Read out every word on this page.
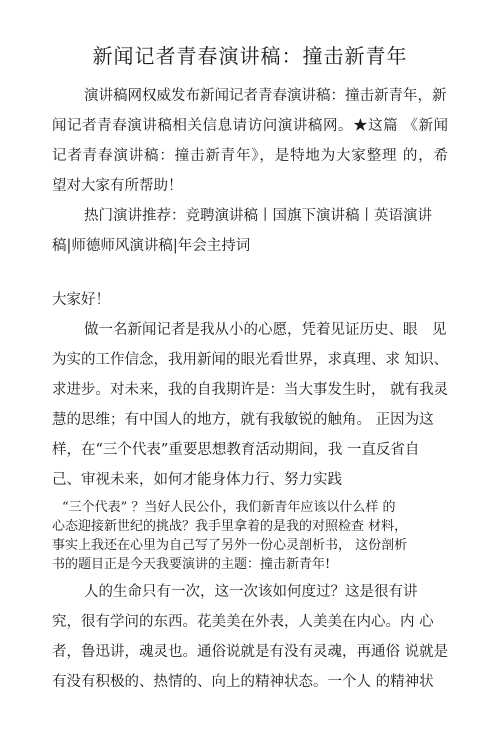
新闻记者青春演讲稿：撞击新青年
演讲稿网权威发布新闻记者青春演讲稿：撞击新青年，新
闻记者青春演讲稿相关信息请访问演讲稿网。★这篇 《新闻
记者青春演讲稿：撞击新青年》，是特地为大家整理 的，希
望对大家有所帮助！
热门演讲推荐：竞聘演讲稿丨国旗下演讲稿丨英语演讲
稿|师德师风演讲稿|年会主持词
大家好！
做一名新闻记者是我从小的心愿，凭着见证历史、眼　见
为实的工作信念，我用新闻的眼光看世界，求真理、求 知识、
求进步。对未来，我的自我期许是：当大事发生时， 就有我灵
慧的思维；有中国人的地方，就有我敏锐的触角。 正因为这
样，在“三个代表”重要思想教育活动期间，我 一直反省自
己、审视未来，如何才能身体力行、努力实践
“三个代表” ？当好人民公仆，我们新青年应该以什么样 的
心态迎接新世纪的挑战？我手里拿着的是我的对照检查 材料，
事实上我还在心里为自己写了另外一份心灵剖析书， 这份剖析
书的题目正是今天我要演讲的主题：撞击新青年!
人的生命只有一次，这一次该如何度过？这是很有讲
究，很有学问的东西。花美美在外表，人美美在内心。内 心
者，鲁迅讲，魂灵也。通俗说就是有没有灵魂，再通俗 说就是
有没有积极的、热情的、向上的精神状态。一个人 的精神状
